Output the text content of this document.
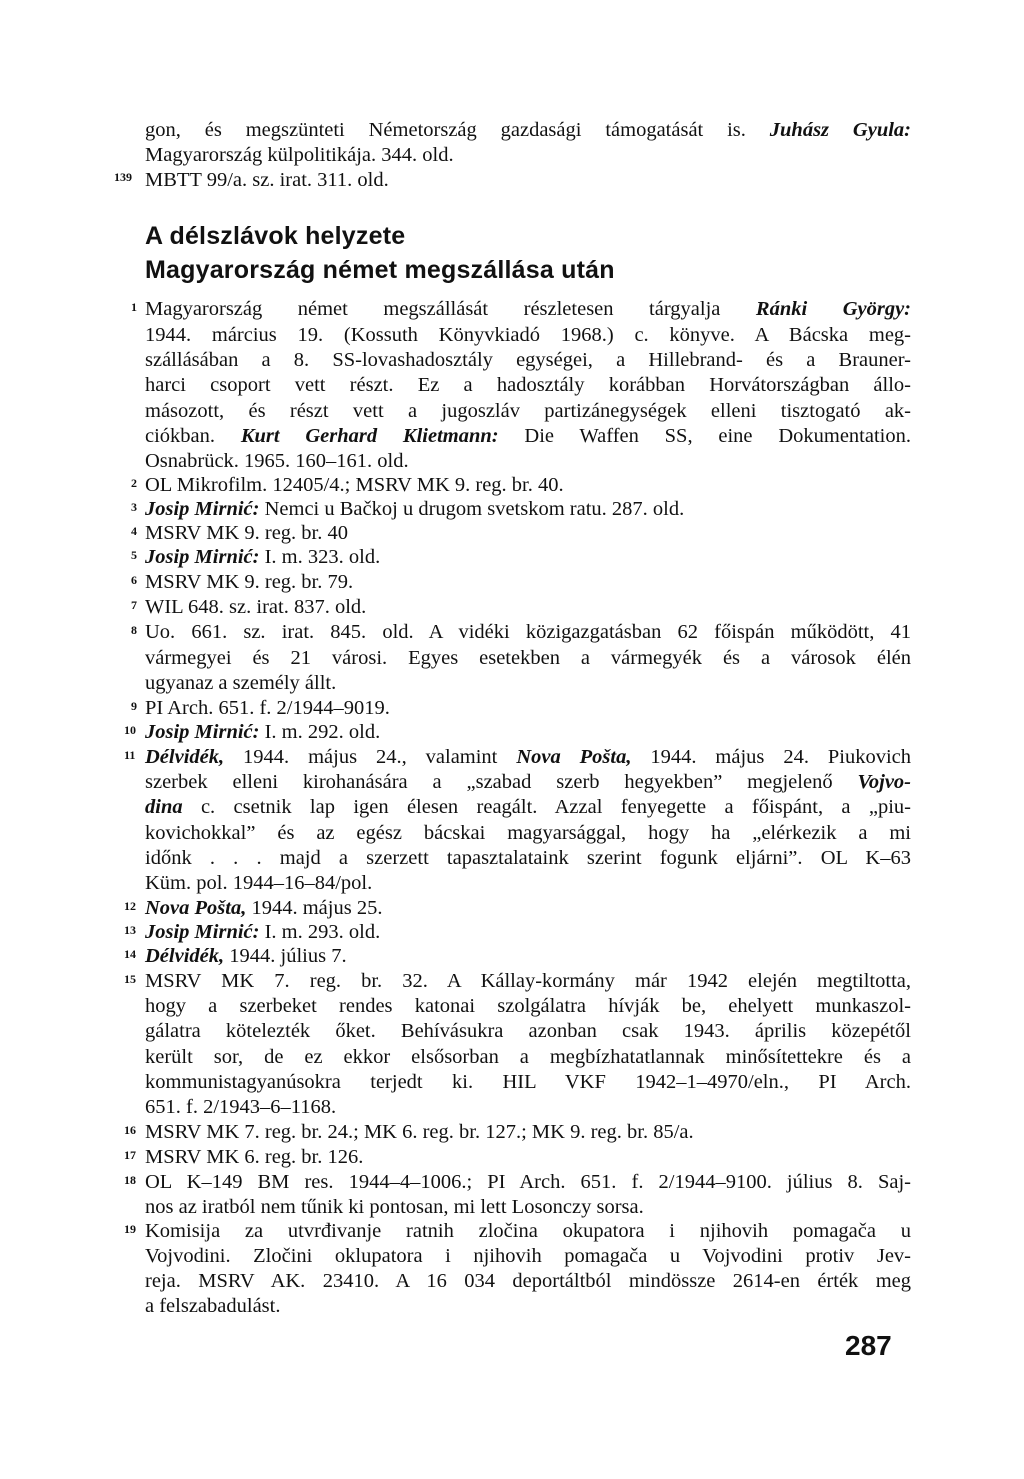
gon, és megszünteti Németország gazdasági támogatását is. Juhász Gyula:
Magyarország külpolitikája. 344. old.
139 MBTT 99/a. sz. irat. 311. old.
A délszlávok helyzete
Magyarország német megszállása után
1 Magyarország német megszállását részletesen tárgyalja Ránki György:
1944. március 19. (Kossuth Könyvkiadó 1968.) c. könyve. A Bácska meg-
szállásában a 8. SS-lovashadosztály egységei, a Hillebrand- és a Brauner-
harci csoport vett részt. Ez a hadosztály korábban Horvátországban állo-
másozott, és részt vett a jugoszláv partizánegységek elleni tisztogató ak-
ciókban. Kurt Gerhard Klietmann: Die Waffen SS, eine Dokumentation.
Osnabrück. 1965. 160–161. old.
2 OL Mikrofilm. 12405/4.; MSRV MK 9. reg. br. 40.
3 Josip Mirnić: Nemci u Bačkoj u drugom svetskom ratu. 287. old.
4 MSRV MK 9. reg. br. 40
5 Josip Mirnić: I. m. 323. old.
6 MSRV MK 9. reg. br. 79.
7 WIL 648. sz. irat. 837. old.
8 Uo. 661. sz. irat. 845. old. A vidéki közigazgatásban 62 főispán működött, 41
vármegyei és 21 városi. Egyes esetekben a vármegyék és a városok élén
ugyanaz a személy állt.
9 PI Arch. 651. f. 2/1944–9019.
10 Josip Mirnić: I. m. 292. old.
11 Délvidék, 1944. május 24., valamint Nova Pošta, 1944. május 24. Piukovich
szerbek elleni kirohanására a „szabad szerb hegyekben” megjelenő Vojvo-
dina c. csetnik lap igen élesen reagált. Azzal fenyegette a főispánt, a „piu-
kovichokkal” és az egész bácskai magyarsággal, hogy ha „elérkezik a mi
időnk . . . majd a szerzett tapasztalataink szerint fogunk eljárni”. OL K–63
Küm. pol. 1944–16–84/pol.
12 Nova Pošta, 1944. május 25.
13 Josip Mirnić: I. m. 293. old.
14 Délvidék, 1944. július 7.
15 MSRV MK 7. reg. br. 32. A Kállay-kormány már 1942 elején megtiltotta,
hogy a szerbeket rendes katonai szolgálatra hívják be, ehelyett munkaszol-
gálatra kötelezték őket. Behívásukra azonban csak 1943. április közepétől
került sor, de ez ekkor elsősorban a megbízhatatlannak minősítettekre és a
kommunistagyanúsokra terjedt ki. HIL VKF 1942–1–4970/eln., PI Arch.
651. f. 2/1943–6–1168.
16 MSRV MK 7. reg. br. 24.; MK 6. reg. br. 127.; MK 9. reg. br. 85/a.
17 MSRV MK 6. reg. br. 126.
18 OL K–149 BM res. 1944–4–1006.; PI Arch. 651. f. 2/1944–9100. július 8. Saj-
nos az iratból nem tűnik ki pontosan, mi lett Losonczy sorsa.
19 Komisija za utvrđivanje ratnih zločina okupatora i njihovih pomagača u
Vojvodini. Zločini oklupatora i njihovih pomagača u Vojvodini protiv Jev-
reja. MSRV AK. 23410. A 16 034 deportáltból mindössze 2614-en érték meg
a felszabadulást.
287
